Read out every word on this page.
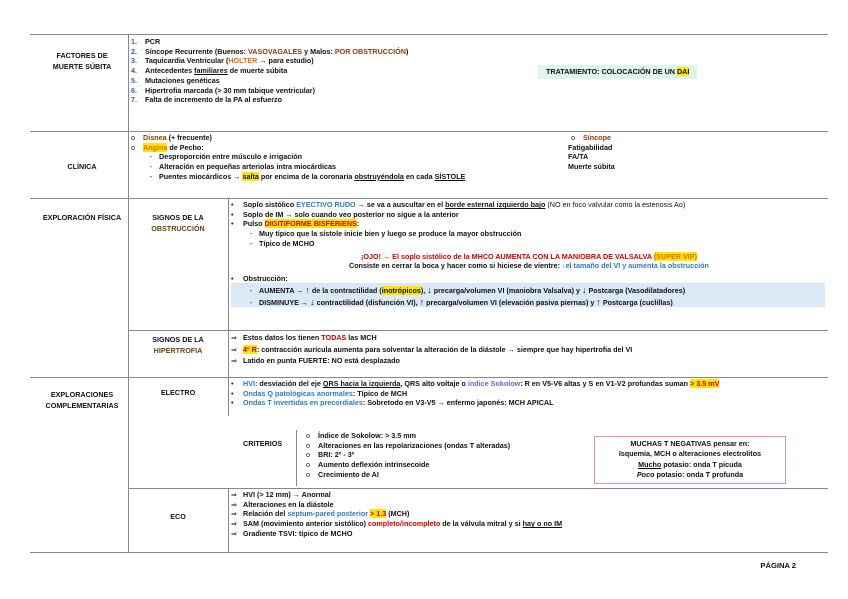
FACTORES DE MUERTE SÚBITA
1. PCR
2. Síncope Recurrente (Buenos: VASOVAGALES y Malos: POR OBSTRUCCIÓN)
3. Taquicardia Ventricular (HOLTER → para estudio)
4. Antecedentes familiares de muerte súbita
5. Mutaciones genéticas
6. Hipertrofia marcada (> 30 mm tabique ventricular)
7. Falta de incremento de la PA al esfuerzo
TRATAMIENTO: COLOCACIÓN DE UN DAI
CLÍNICA
o Disnea (+ frecuente)
o Angina de Pecho:
- Desproporción entre músculo e irrigación
- Alteración en pequeñas arteriolas intra miocárdicas
- Puentes miocárdicos → salta por encima de la coronaria obstruyéndola en cada SÍSTOLE
o Síncope
Fatigabilidad
FA/TA
Muerte súbita
EXPLORACIÓN FÍSICA	SIGNOS DE LA
OBSTRUCCIÓN
• Soplo sistólico EYECTIVO RUDO → se va a auscultar en el borde esternal izquierdo bajo (NO en foco valvular como la estenosis Ao)
• Soplo de IM → solo cuando veo posterior no sigue a la anterior
• Pulso DIGITIFORME BISFERIENS:
- Muy típico que la sístole inicie bien y luego se produce la mayor obstrucción
- Típico de MCHO
¡OJO! → El soplo sistólico de la MHCO AUMENTA CON LA MANIOBRA DE VALSALVA (SUPER VIP)
Consiste en cerrar la boca y hacer como si hiciese de vientre: ↓el tamaño del VI y aumenta la obstrucción
• Obstrucción:
- AUMENTA → ↑ de la contractilidad (inotrópicos), ↓ precarga/volumen VI (maniobra Valsalva) y ↓ Postcarga (Vasodilatadores)
- DISMINUYE → ↓ contractilidad (disfunción VI), ↑ precarga/volumen VI (elevación pasiva piernas) y ↑ Postcarga (cuclillas)
SIGNOS DE LA
HIPERTROFIA
⇒ Estos datos los tienen TODAS las MCH
⇒ 4º R: contracción aurícula aumenta para solventar la alteración de la diástole → siempre que hay hipertrofia del VI
⇒ Latido en punta FUERTE: NO está desplazado
EXPLORACIONES COMPLEMENTARIAS
ELECTRO
• HVI: desviación del eje QRS hacia la izquierda, QRS alto voltaje o índice Sokolow: R en V5-V6 altas y S en V1-V2 profundas suman > 3.5 mV
• Ondas Q patológicas anormales: Típico de MCH
• Ondas T invertidas en precordiales: Sobretodo en V3-V5 → enfermo japonés: MCH APICAL
CRITERIOS
o Índice de Sokolow: > 3.5 mm
o Alteraciones en las repolarizaciones (ondas T alteradas)
o BRI: 2º - 3º
o Aumento deflexión intrinsecoide
o Crecimiento de AI
MUCHAS T NEGATIVAS pensar en:
Isquemia, MCH o alteraciones electrolitos
Mucho potasio: onda T picuda
Poco potasio: onda T profunda
ECO
⇒ HVI (> 12 mm) → Anormal
⇒ Alteraciones en la diástole
⇒ Relación del septum-pared posterior > 1.3 (MCH)
⇒ SAM (movimiento anterior sistólico) completo/incompleto de la válvula mitral y si hay o no IM
⇒ Gradiente TSVI: típico de MCHO
PÁGINA 2
